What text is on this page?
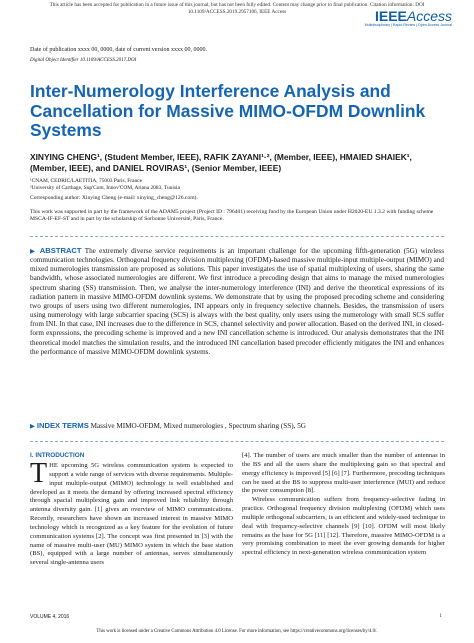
This article has been accepted for publication in a future issue of this journal, but has not been fully edited. Content may change prior to final publication. Citation information: DOI
10.1109/ACCESS.2019.2957106, IEEE Access	IEEEAccess
Multidisciplinary | Rapid Review | Open Access Journal
Date of publication xxxx 00, 0000, date of current version xxxx 00, 0000.
Digital Object Identifier 10.1109/ACCESS.2017.DOI
Inter-Numerology Interference Analysis and Cancellation for Massive MIMO-OFDM Downlink Systems
XINYING CHENG¹, (Student Member, IEEE), RAFIK ZAYANI¹·², (Member, IEEE), HMAIED SHAIEK¹, (Member, IEEE), and DANIEL ROVIRAS¹, (Senior Member, IEEE)
¹CNAM, CEDRIC/LAETITIA, 75003 Paris, France
²University of Carthage, Sup'Com, Innov'COM, Ariana 2083, Tunisia
Corresponding author: Xinying Cheng (e-mail: xinying_cheng@126.com).
This work was supported in part by the framework of the ADAM5 project (Project ID : 796401) receiving fund by the European Union under H2020-EU.1.3.2 with funding scheme MSCA-IF-EF-ST and in part by the scholarship of Sorbonne Université, Paris, France.
▶ ABSTRACT The extremely diverse service requirements is an important challenge for the upcoming fifth-generation (5G) wireless communication technologies. Orthogonal frequency division multiplexing (OFDM)-based massive multiple-input multiple-output (MIMO) and mixed numerologies transmission are proposed as solutions. This paper investigates the use of spatial multiplexing of users, sharing the same bandwidth, whose associated numerologies are different. We first introduce a precoding design that aims to manage the mixed numerologies spectrum sharing (SS) transmission. Then, we analyse the inter-numerology interference (INI) and derive the theoretical expressions of its radiation pattern in massive MIMO-OFDM downlink systems. We demonstrate that by using the proposed precoding scheme and considering two groups of users using two different numerologies, INI appears only in frequency selective channels. Besides, the transmission of users using numerology with large subcarrier spacing (SCS) is always with the best quality, only users using the numerology with small SCS suffer from INI. In that case, INI increases due to the difference in SCS, channel selectivity and power allocation. Based on the derived INI, in closed-form expressions, the precoding scheme is improved and a new INI cancellation scheme is introduced. Our analysis demonstrates that the INI theoretical model matches the simulation results, and the introduced INI cancellation based precoder efficiently mitigates the INI and enhances the performance of massive MIMO-OFDM downlink systems.
▶ INDEX TERMS Massive MIMO-OFDM, Mixed numerologies , Spectrum sharing (SS), 5G
I. INTRODUCTION
THE upcoming 5G wireless communication system is expected to support a wide range of services with diverse requirements. Multiple-input multiple-output (MIMO) technology is well established and developed as it meets the demand by offering increased spectral efficiency through spacial multiplexing gain and improved link reliability through antenna diversity gain. [1] gives an overview of MIMO communications. Recently, researchers have shown an increased interest in massive MIMO technology which is recognized as a key feature for the evolution of future communication systems [2]. The concept was first presented in [3] with the name of massive multi-user (MU) MIMO system in which the base station (BS), equipped with a large number of antennas, serves simultaneously several single-antenna users

[4]. The number of users are much smaller than the number of antennas in the BS and all the users share the multiplexing gain so that spectral and energy efficiency is improved [5] [6] [7]. Furthermore, precoding techniques can be used at the BS to suppress multi-user interference (MUI) and reduce the power consumption [8].

Wireless communication suffers from frequency-selective fading in practice. Orthogonal frequency division multiplexing (OFDM) which uses multiple orthogonal subcarriers, is an efficient and widely-used technique to deal with frequency-selective channels [9] [10]. OFDM will most likely remains as the base for 5G [11] [12]. Therefore, massive MIMO-OFDM is a very promising combination to meet the ever growing demands for higher spectral efficiency in next-generation wireless communication system

VOLUME 4, 2016	1
This work is licensed under a Creative Commons Attribution 4.0 License. For more information, see https://creativecommons.org/licenses/by/4.0/.
